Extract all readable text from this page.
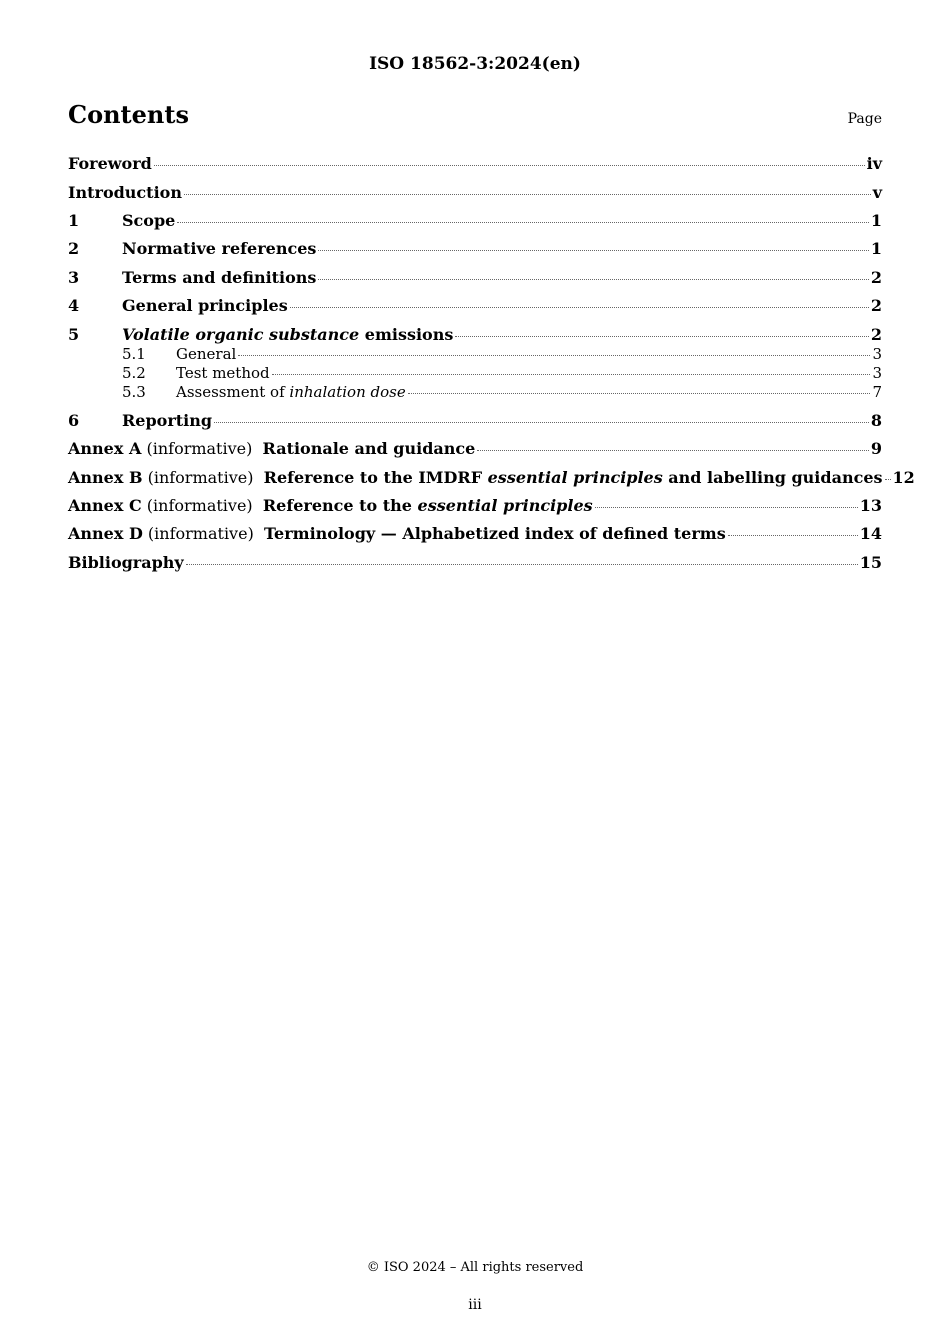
ISO 18562-3:2024(en)
Contents	Page
Foreword	iv
Introduction	v
1	Scope	1
2	Normative references	1
3	Terms and definitions	2
4	General principles	2
5	Volatile organic substance emissions	2
5.1	General	3
5.2	Test method	3
5.3	Assessment of inhalation dose	7
6	Reporting	8
Annex A (informative)  Rationale and guidance	9
Annex B (informative)  Reference to the IMDRF essential principles and labelling guidances 12
Annex C (informative)  Reference to the essential principles	13
Annex D (informative)  Terminology — Alphabetized index of defined terms	14
Bibliography	15
© ISO 2024 – All rights reserved
iii
